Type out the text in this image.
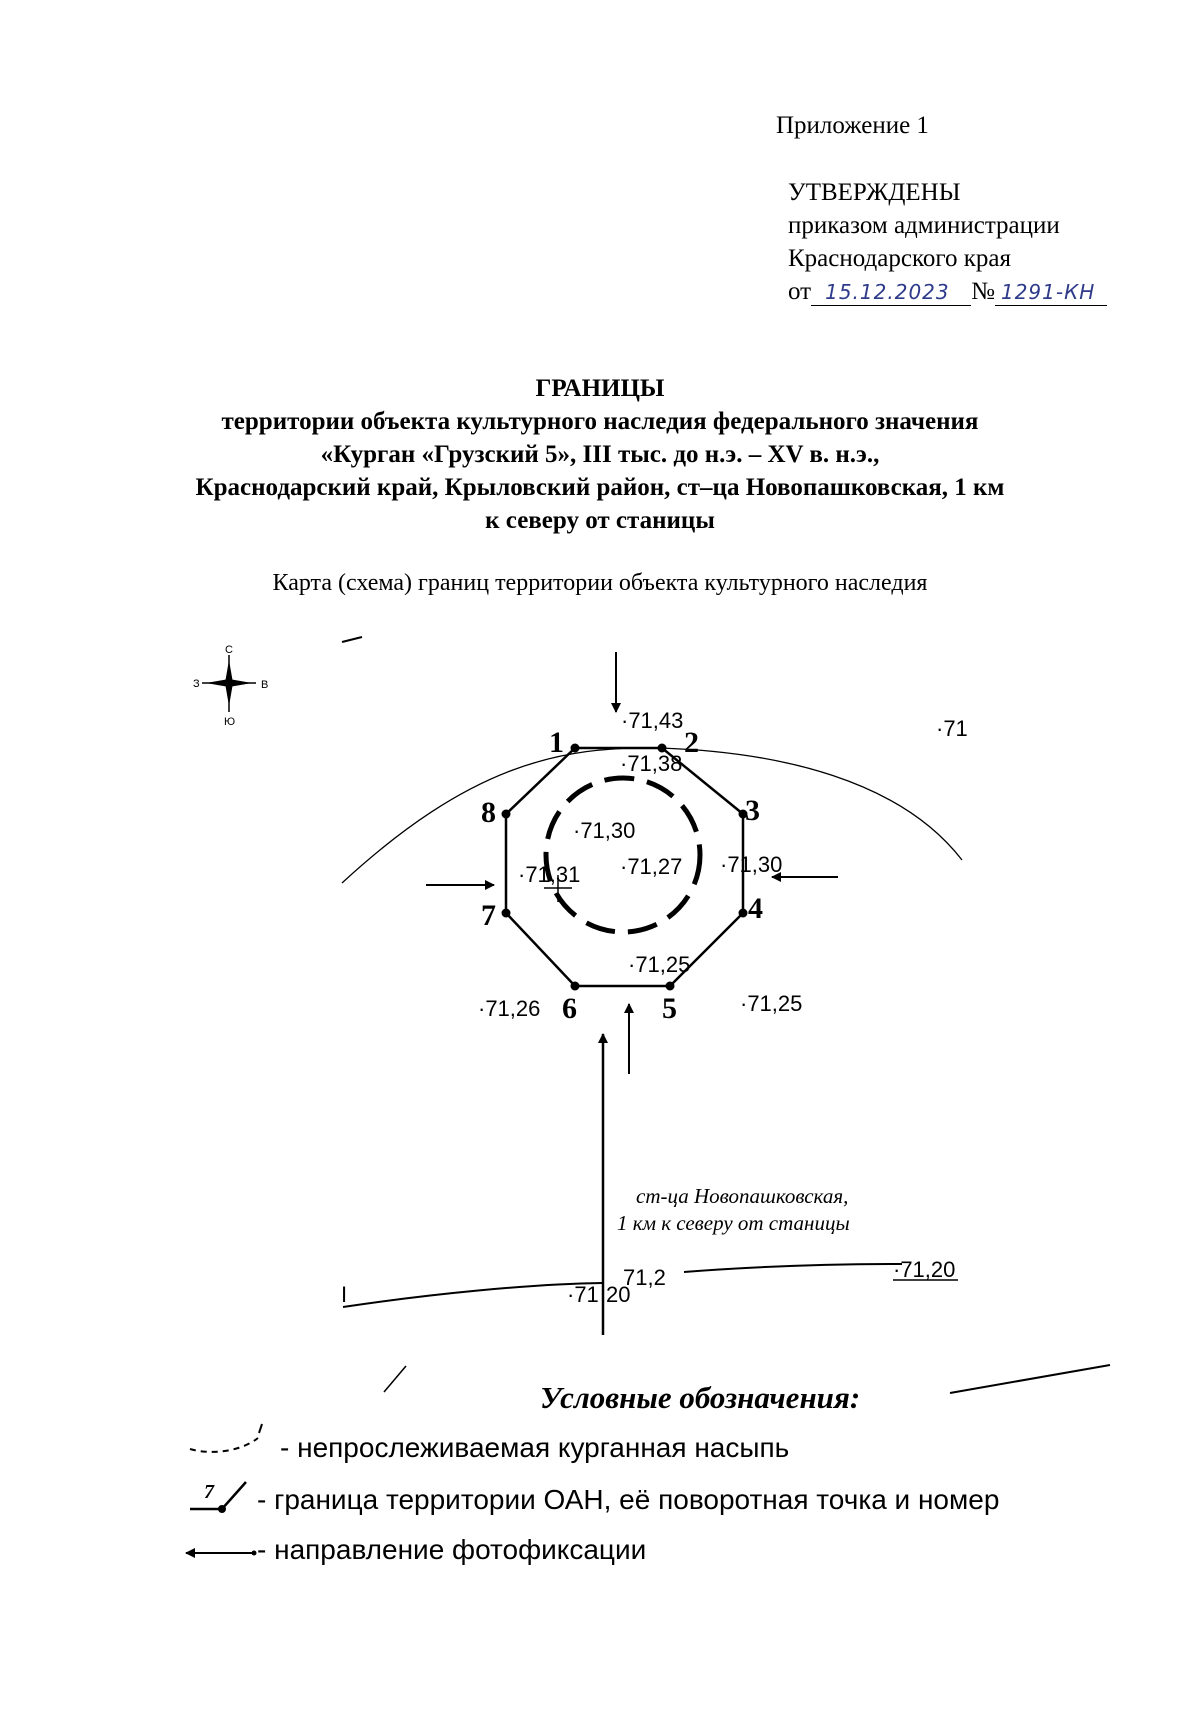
Приложение 1
УТВЕРЖДЕНЫ
приказом администрации
Краснодарского края
от 15.12.2023 № 1291-КН
ГРАНИЦЫ
территории объекта культурного наследия федерального значения
«Курган «Грузский 5», III тыс. до н.э. – XV в. н.э.,
Краснодарский край, Крыловский район, ст–ца Новопашковская, 1 км
к северу от станицы
Карта (схема) границ территории объекта культурного наследия
С
Ю
З	В
1	2
3
4
5
6
7
8
·71,43
·71,38
·71,30
·71,27 ·71,30
·71,31
·71,25
·71,26	·71,25
·71
ст-ца Новопашковская,
1 км к северу от станицы
I	·71 20
71,2	·71,20
7
Условные обозначения:
- непрослеживаемая курганная насыпь
- граница территории ОАН, её поворотная точка и номер
- направление фотофиксации
